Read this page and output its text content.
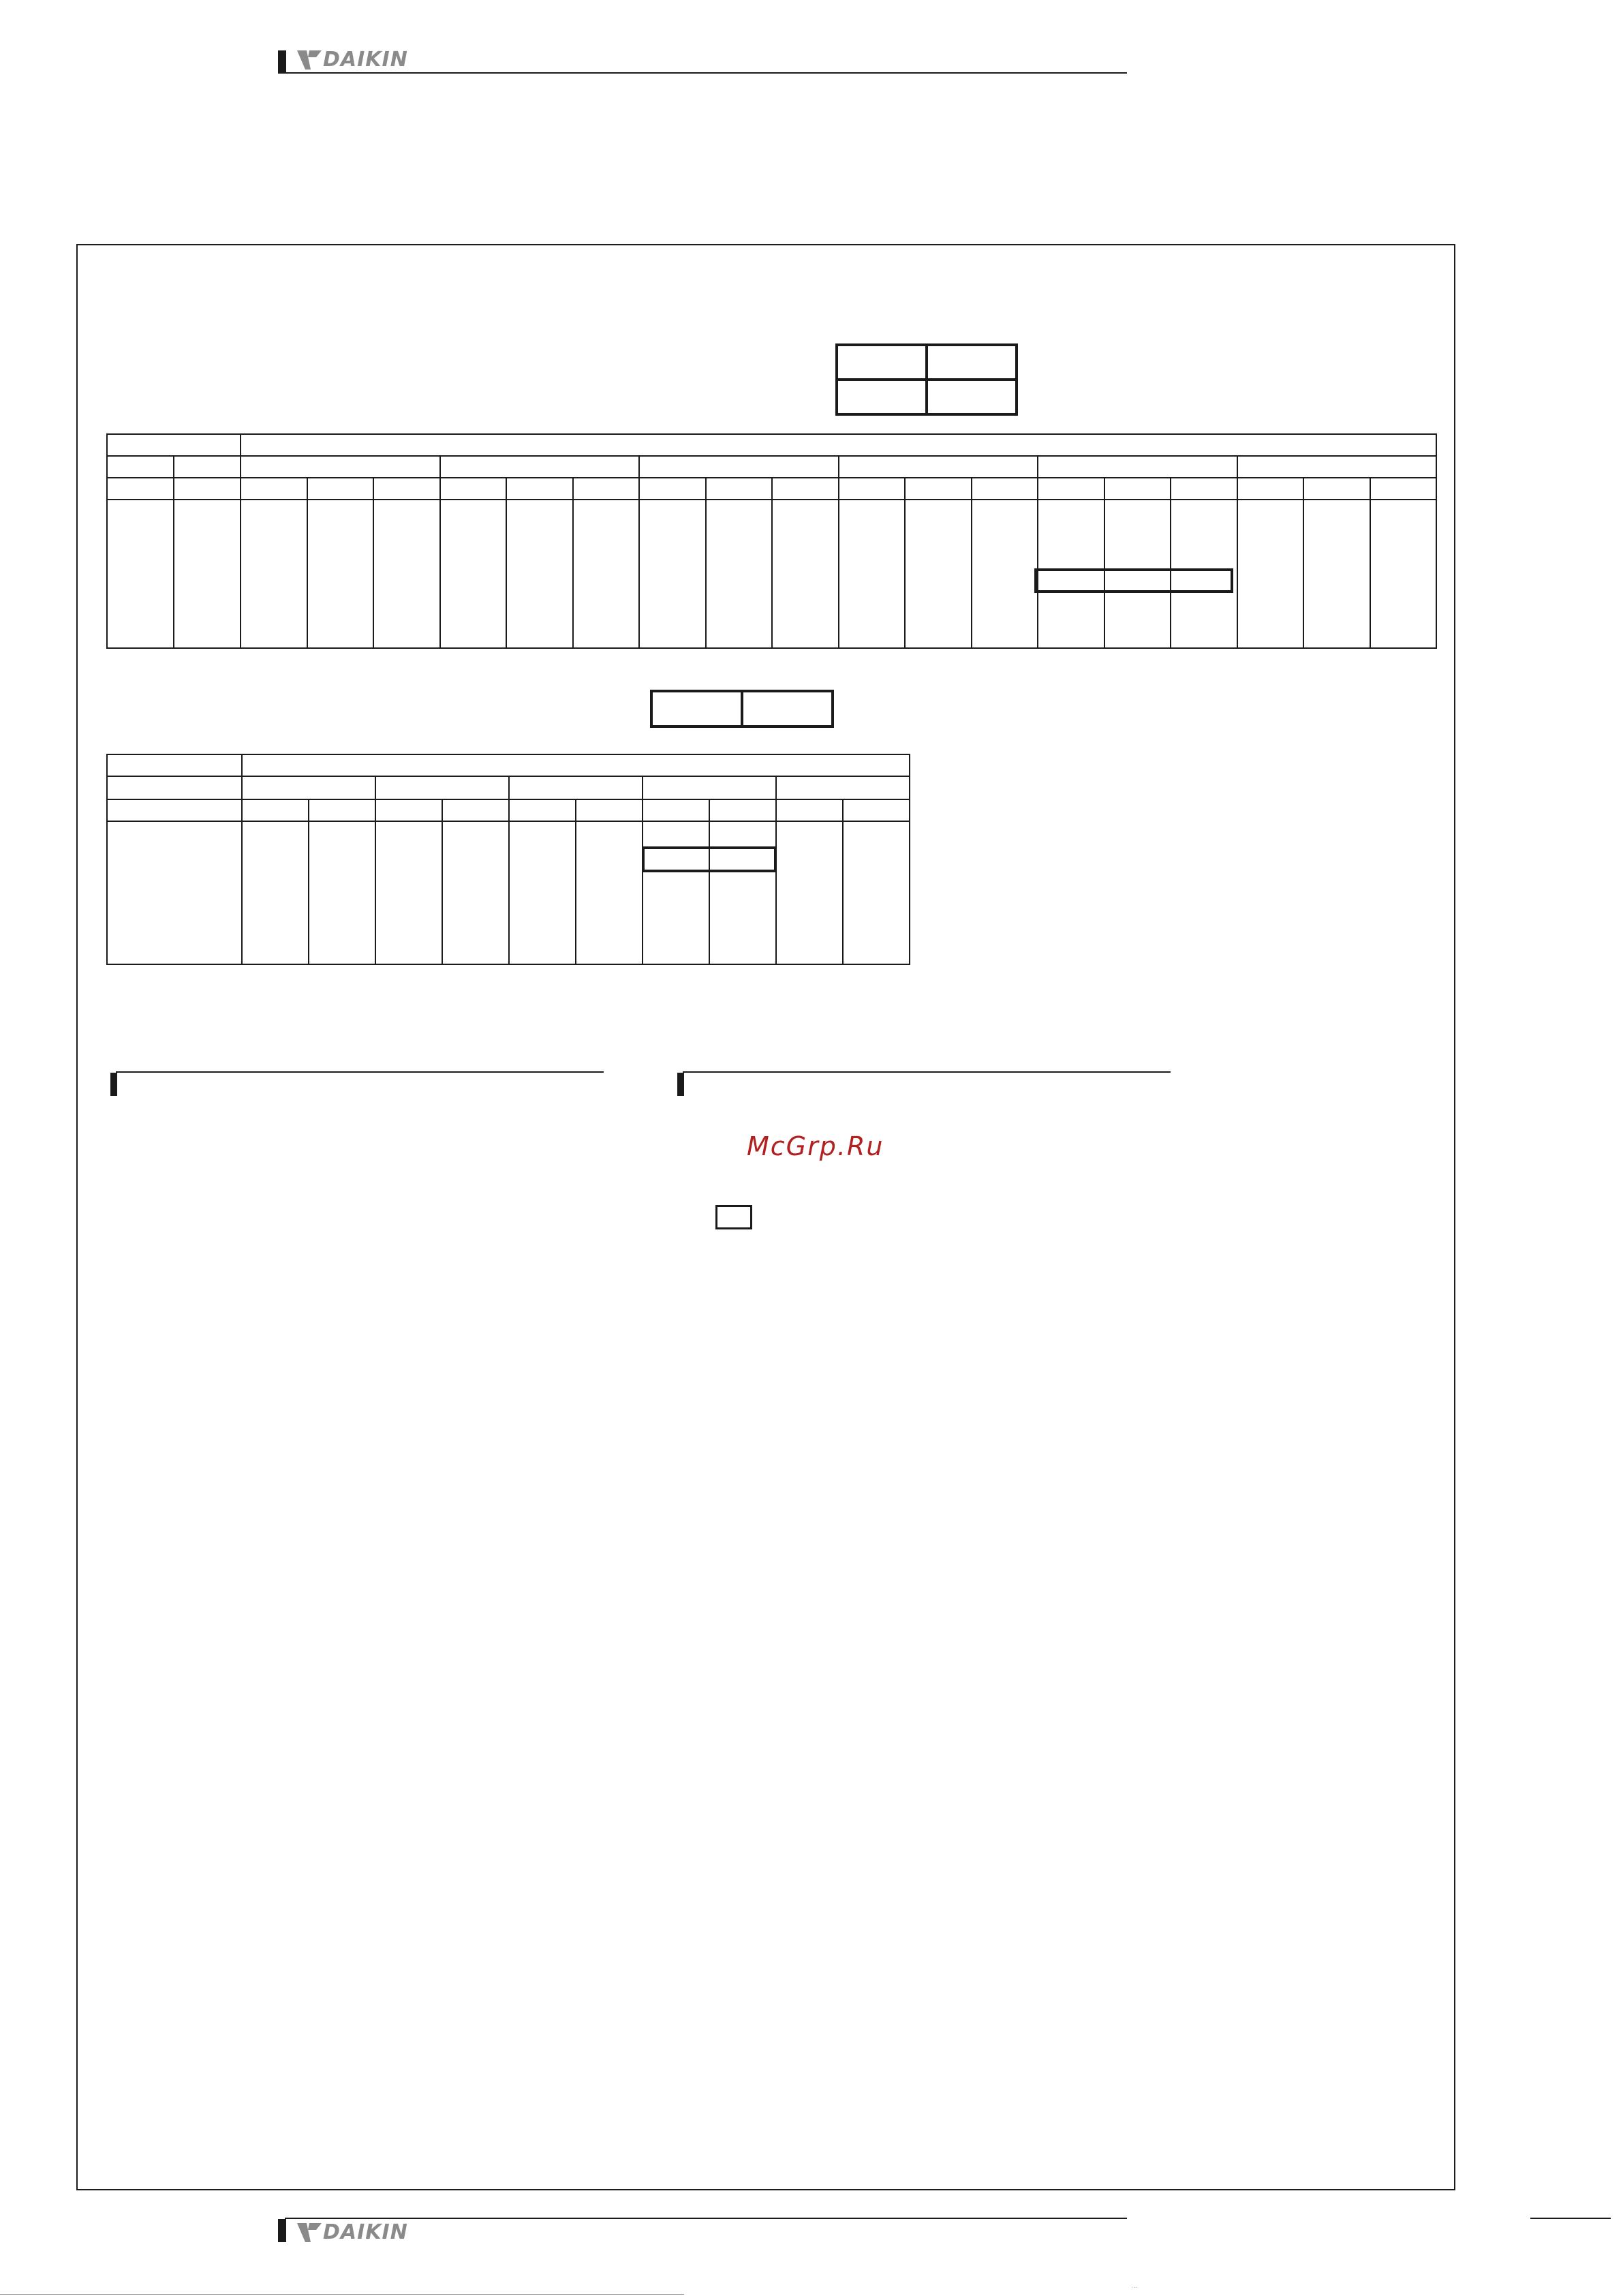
DAIKIN

McGrp.Ru
DAIKIN
···
